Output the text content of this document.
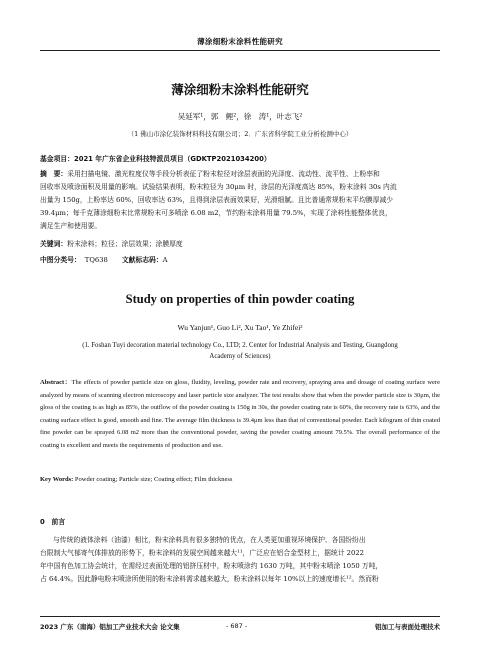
薄涂细粉末涂料性能研究
薄涂细粉末涂料性能研究
吴延军¹，郭　鲤²，徐　涛¹，叶志飞²
（1 佛山市涂亿装饰材料科技有限公司；2．广东省科学院工业分析检测中心）
基金项目：2021 年广东省企业科技特派员项目（GDKTP2021034200）
摘　要：采用扫描电镜、激光粒度仪等手段分析表征了粉末粒径对涂层表面的光泽度、流动性、流平性、上粉率和
回收率及喷涂面积及用量的影响。试验结果表明，粉末粒径为 30μm 时，涂层的光泽度高达 85%，粉末涂料 30s 内流
出量为 150g，上粉率达 60%，回收率达 63%，且得到涂层表面效果好，光滑细腻。且比普通常规粉末平均膜厚减少
39.4μm；每千克薄涂细粉末比常规粉末可多喷涂 6.08 m2，节约粉末涂料用量 79.5%，实现了涂料性能整体优良，
满足生产和使用要。
关键词：粉末涂料；粒径；涂层效果；涂膜厚度
中图分类号： TQ638 文献标志码：A
Study on properties of thin powder coating
Wu Yanjun¹, Guo Li², Xu Tao¹, Ye Zhifei²
(1. Foshan Tuyi decoration material technology Co., LTD; 2. Center for Industrial Analysis and Testing, Guangdong Academy of Sciences)
Abstract：The effects of powder particle size on gloss, fluidity, leveling, powder rate and recovery, spraying area and dosage of coating surface were analyzed by means of scanning electron microscopy and laser particle size analyzer. The test results show that when the powder particle size is 30μm, the gloss of the coating is as high as 85%, the outflow of the powder coating is 150g in 30s, the powder coating rate is 60%, the recovery rate is 63%, and the coating surface effect is good, smooth and fine. The average film thickness is 39.4μm less than that of conventional powder. Each kilogram of thin coated fine powder can be sprayed 6.08 m2 more than the conventional powder, saving the powder coating amount 79.5%. The overall performance of the coating is excellent and meets the requirements of production and use.
Key Words: Powder coating; Particle size; Coating effect; Film thickness
0　前言
与传统的液体涂料（油漆）相比，粉末涂料具有很多独特的优点，在人类更加重视环境保护、各国纷纷出
台限制大气郁寄气体排放的形势下，粉末涂料的发展空间越来越大¹¹，广泛应在铝合金型材上，据统计 2022
年中国有色加工协会统计，在需经过表面处理的铝挤压材中，粉末喷涂约 1630 万吨，其中粉末喷涂 1050 万吨，
占 64.4%。因此静电粉末喷涂所使用的粉末涂料需求越来越大，粉末涂料以每年 10%以上的速度增长¹²。然而粉
2023 广东（南海）铝加工产业技术大会 论文集	- 687 -	铝加工与表面处理技术
